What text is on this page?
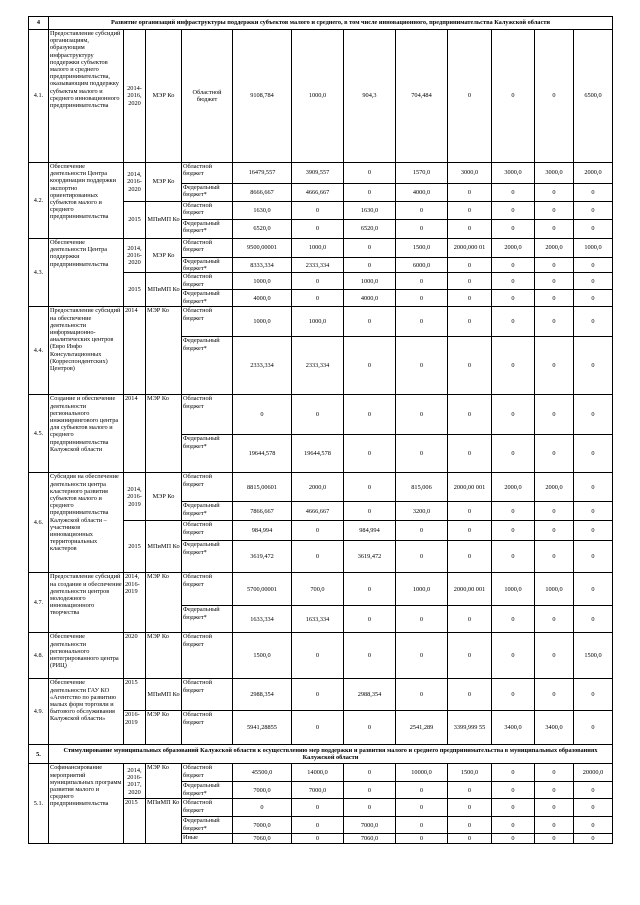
4	Развитие организаций инфраструктуры поддержки субъектов малого и среднего, в том числе инновационного, предпринимательства Калужской области											
4.1.	Предоставление субсидий организациям, образующим инфраструктуру поддержки субъектов малого и среднего предпринимательства, оказывающим поддержку субъектам малого и среднего инновационного предпринимательства	2014-2016, 2020	МЭР Ко	Областной бюджет	9108,784	1000,0	904,3	704,484	0	0	0	6500,0
4.2.	Обеспечение деятельности Центра координации поддержки экспортно ориентированных субъектов малого и среднего предпринимательства	2014, 2016-2020	МЭР Ко	Областной бюджет	16479,557	3909,557	0	1570,0	3000,0	3000,0	3000,0	2000,0
				Федеральный бюджет*	8666,667	4666,667	0	4000,0	0	0	0	0
		2015	МПиМП Ко	Областной бюджет	1630,0	0	1630,0	0	0	0	0	0
				Федеральный бюджет*	6520,0	0	6520,0	0	0	0	0	0
4.3.	Обеспечение деятельности Центра поддержки предпринимательства	2014, 2016-2020	МЭР Ко	Областной бюджет	9500,00001	1000,0	0	1500,0	2000,000 01	2000,0	2000,0	1000,0
				Федеральный бюджет*	8333,334	2333,334	0	6000,0	0	0	0	0
		2015	МПиМП Ко	Областной бюджет	1000,0	0	1000,0	0	0	0	0	0
				Федеральный бюджет*	4000,0	0	4000,0	0	0	0	0	0
4.4.	Предоставление субсидий на обеспечение деятельности информационно-аналитических центров (Евро Инфо Консультационных (Корреспондентских) Центров)	2014	МЭР Ко	Областной бюджет	1000,0	1000,0	0	0	0	0	0	0
				Федеральный бюджет*	2333,334	2333,334	0	0	0	0	0	0
4.5.	Создание и обеспечение деятельности регионального инжинирингового центра для субъектов малого и среднего предпринимательства Калужской области	2014	МЭР Ко	Областной бюджет	0	0	0	0	0	0	0	0
				Федеральный бюджет*	19644,578	19644,578	0	0	0	0	0	0
4.6.	Субсидия на обеспечение деятельности центра кластерного развития субъектов малого и среднего предпринимательства Калужской области – участников инновационных территориальных кластеров	2014, 2016-2019	МЭР Ко	Областной бюджет	8815,00601	2000,0	0	815,006	2000,00 001	2000,0	2000,0	0
				Федеральный бюджет*	7866,667	4666,667	0	3200,0	0	0	0	0
		2015	МПиМП Ко	Областной бюджет	984,994	0	984,994	0	0	0	0	0
				Федеральный бюджет*	3619,472	0	3619,472	0	0	0	0	0
4.7.	Предоставление субсидий на создание и обеспечение деятельности центров молодежного инновационного творчества	2014, 2016-2019	МЭР Ко	Областной бюджет	5700,00001	700,0	0	1000,0	2000,00 001	1000,0	1000,0	0
				Федеральный бюджет*	1633,334	1633,334	0	0	0	0	0	0
4.8.	Обеспечение деятельности регионального интегрированного центра (РИЦ)	2020	МЭР Ко	Областной бюджет	1500,0	0	0	0	0	0	0	1500,0
4.9.	Обеспечение деятельности ГАУ КО «Агентство по развитию малых форм торговли и бытового обслуживания Калужской области»	2015	МПиМП Ко	Областной бюджет	2988,354	0	2988,354	0	0	0	0	0
		2016-2019	МЭР Ко	Областной бюджет	5941,28855	0	0	2541,289	3399,999 55	3400,0	3400,0	0
5.	Стимулирование муниципальных образований Калужской области к осуществлению мер поддержки и развития малого и среднего предпринимательства в муниципальных образованиях Калужской области											
5.1.	Софинансирование мероприятий муниципальных программ развития малого и среднего предпринимательства	2014, 2016-2017, 2020	МЭР Ко	Областной бюджет	45500,0	14000,0	0	10000,0	1500,0	0	0	20000,0
				Федеральный бюджет*	7000,0	7000,0	0	0	0	0	0	0
		2015	МПиМП Ко	Областной бюджет	0	0	0	0	0	0	0	0
				Федеральный бюджет*	7000,0	0	7000,0	0	0	0	0	0
				Иные	7060,0	0	7060,0	0	0	0	0	0
